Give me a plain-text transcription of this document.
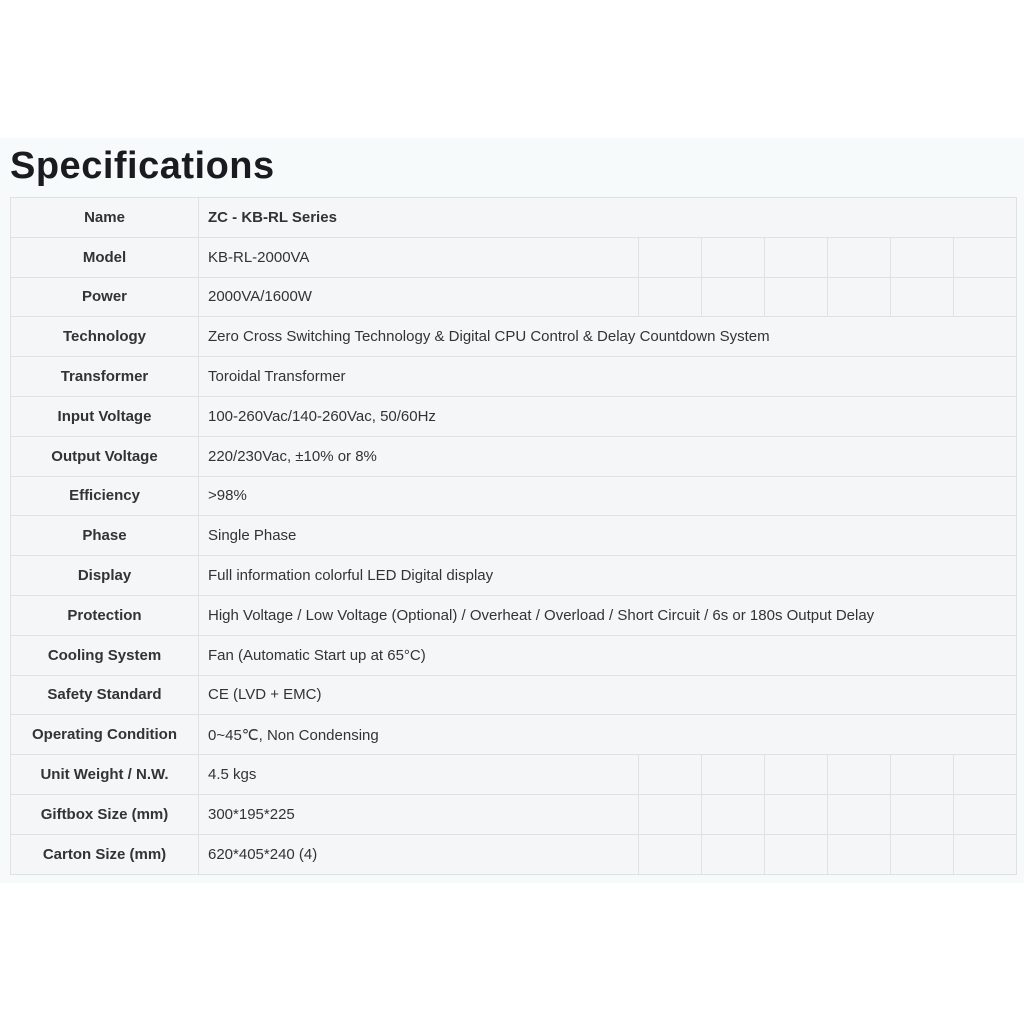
Specifications
Name	ZC - KB-RL Series						
Model	KB-RL-2000VA						
Power	2000VA/1600W						
Technology	Zero Cross Switching Technology & Digital CPU Control & Delay Countdown System						
Transformer	Toroidal Transformer						
Input Voltage	100-260Vac/140-260Vac, 50/60Hz						
Output Voltage	220/230Vac, ±10% or 8%						
Efficiency	>98%						
Phase	Single Phase						
Display	Full information colorful LED Digital display						
Protection	High Voltage / Low Voltage (Optional) / Overheat / Overload / Short Circuit / 6s or 180s Output Delay						
Cooling System	Fan (Automatic Start up at 65°C)						
Safety Standard	CE (LVD + EMC)						
Operating Condition	0~45℃, Non Condensing						
Unit Weight / N.W.	4.5 kgs						
Giftbox Size (mm)	300*195*225						
Carton Size (mm)	620*405*240 (4)						
